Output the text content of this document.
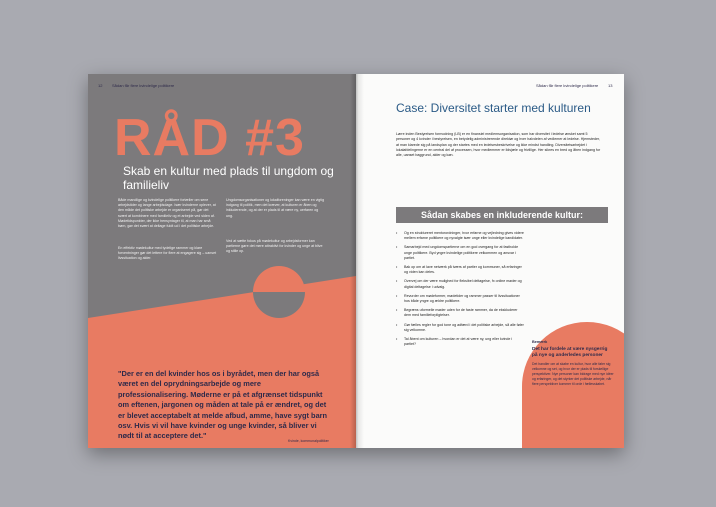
12 Sådan får flere kvindelige politikere
RÅD #3
Skab en kultur med plads til ungdom og familieliv
Både mandlige og kvindelige politikere fortæller om sene arbejdstider og lange arbejdsdage. Især kvinderne oplever, at den måde det politiske arbejde er organiseret på, gør det svært at kombinere med familieliv og et arbejde ved siden af. Mødetidspunkter, der ikke hensyntager til, at man har små børn, gør det svært at deltage fuldt ud i det politiske arbejde.
En effektiv mødekultur med tydelige rammer og klare forventninger gør det lettere for flere at engagere sig – uanset livssituation og alder.
Ungdomsorganisationer og lokalforeninger kan være en vigtig indgang til politik, men det kræver, at kulturen er åben og inkluderende, og at der er plads til at være ny, uerfaren og ung.
Ved at sætte fokus på mødekultur og arbejdsformer kan partierne gøre det mere attraktivt for kvinder og unge at blive og stille op.
"Der er en del kvinder hos os i byrådet, men der har også været en del oprydningsarbejde og mere professionalisering. Møderne er på et afgrænset tidspunkt om eftenen, jargonen og måden at tale på er ændret, og det er blevet acceptabelt at melde afbud, amme, have sygt barn osv. Hvis vi vil have kvinder og unge kvinder, så bliver vi nødt til at acceptere det."
Kvinde, kommunalpolitiker
Sådan får flere kvindelige politikere 13
Case: Diversitet starter med kulturen
Lørre inden Bestyrelsen formodning (LB) er en finansiel medlemsorganisation, som har diversitet i ledelse ønsket samt 5 personer og 4 kvinder i bestyrelsen, en betydelig administrerende direktør og hver halvdelen af vedlemer at ledelse. Hjemsteder, at man klarede sig på landsplan og der startes med en ledelsesbeskrivelse og ikke mindst handling. Diversitetsarbejdet i lokalafdelingerne er en central del af processen, hvor medlemmer er ildsjæle og frivillige. Her sikres en bred og åben indgang for alle, uanset baggrund, alder og køn.
Sådan skabes en inkluderende kultur:
• Og en struktureret mentorordninger, hvor erfarne og vejledning gives videre mellem erfarne politikere og nyvalgte især unge eller kvindelige kandidater.
• Samarbejd med ungdomspartierne om en god overgang for at fastholde unge politikere. Byd yngre kvindelige politikere velkommen og ansvar i partiet.
• Bak op om at lave netværk på tværs af partier og kommuner, så erfaringer og viden kan deles.
• Overvej om der være mulighed for fleksibel deltagelse, fx online møder og digital deltagelse i udvalg.
• Revurder om mødeformer, mødetider og rammer passer til livssituationer hos både yngre og ældre politikere.
• Begræns uformelle møder uden for de faste rammer, da de ekskluderer dem med familieforpligtelser.
• Gør fælles regler for god tone og adfærd i det politiske arbejde, så alle føler sig velkomne.
• Tal åbent om kulturen – hvordan er det at være ny, ung eller kvinde i partiet?
Bemærk
Det har fordele at være nysgerrig på nye og anderledes personer
Det handler om at skabe en kultur, hvor alle føler sig velkomne og set, og hvor der er plads til forskellige perspektiver. Nye personer kan bidrage med nye idéer og erfaringer, og det styrker det politiske arbejde, når flere perspektiver kommer til orde i fællesskabet.
